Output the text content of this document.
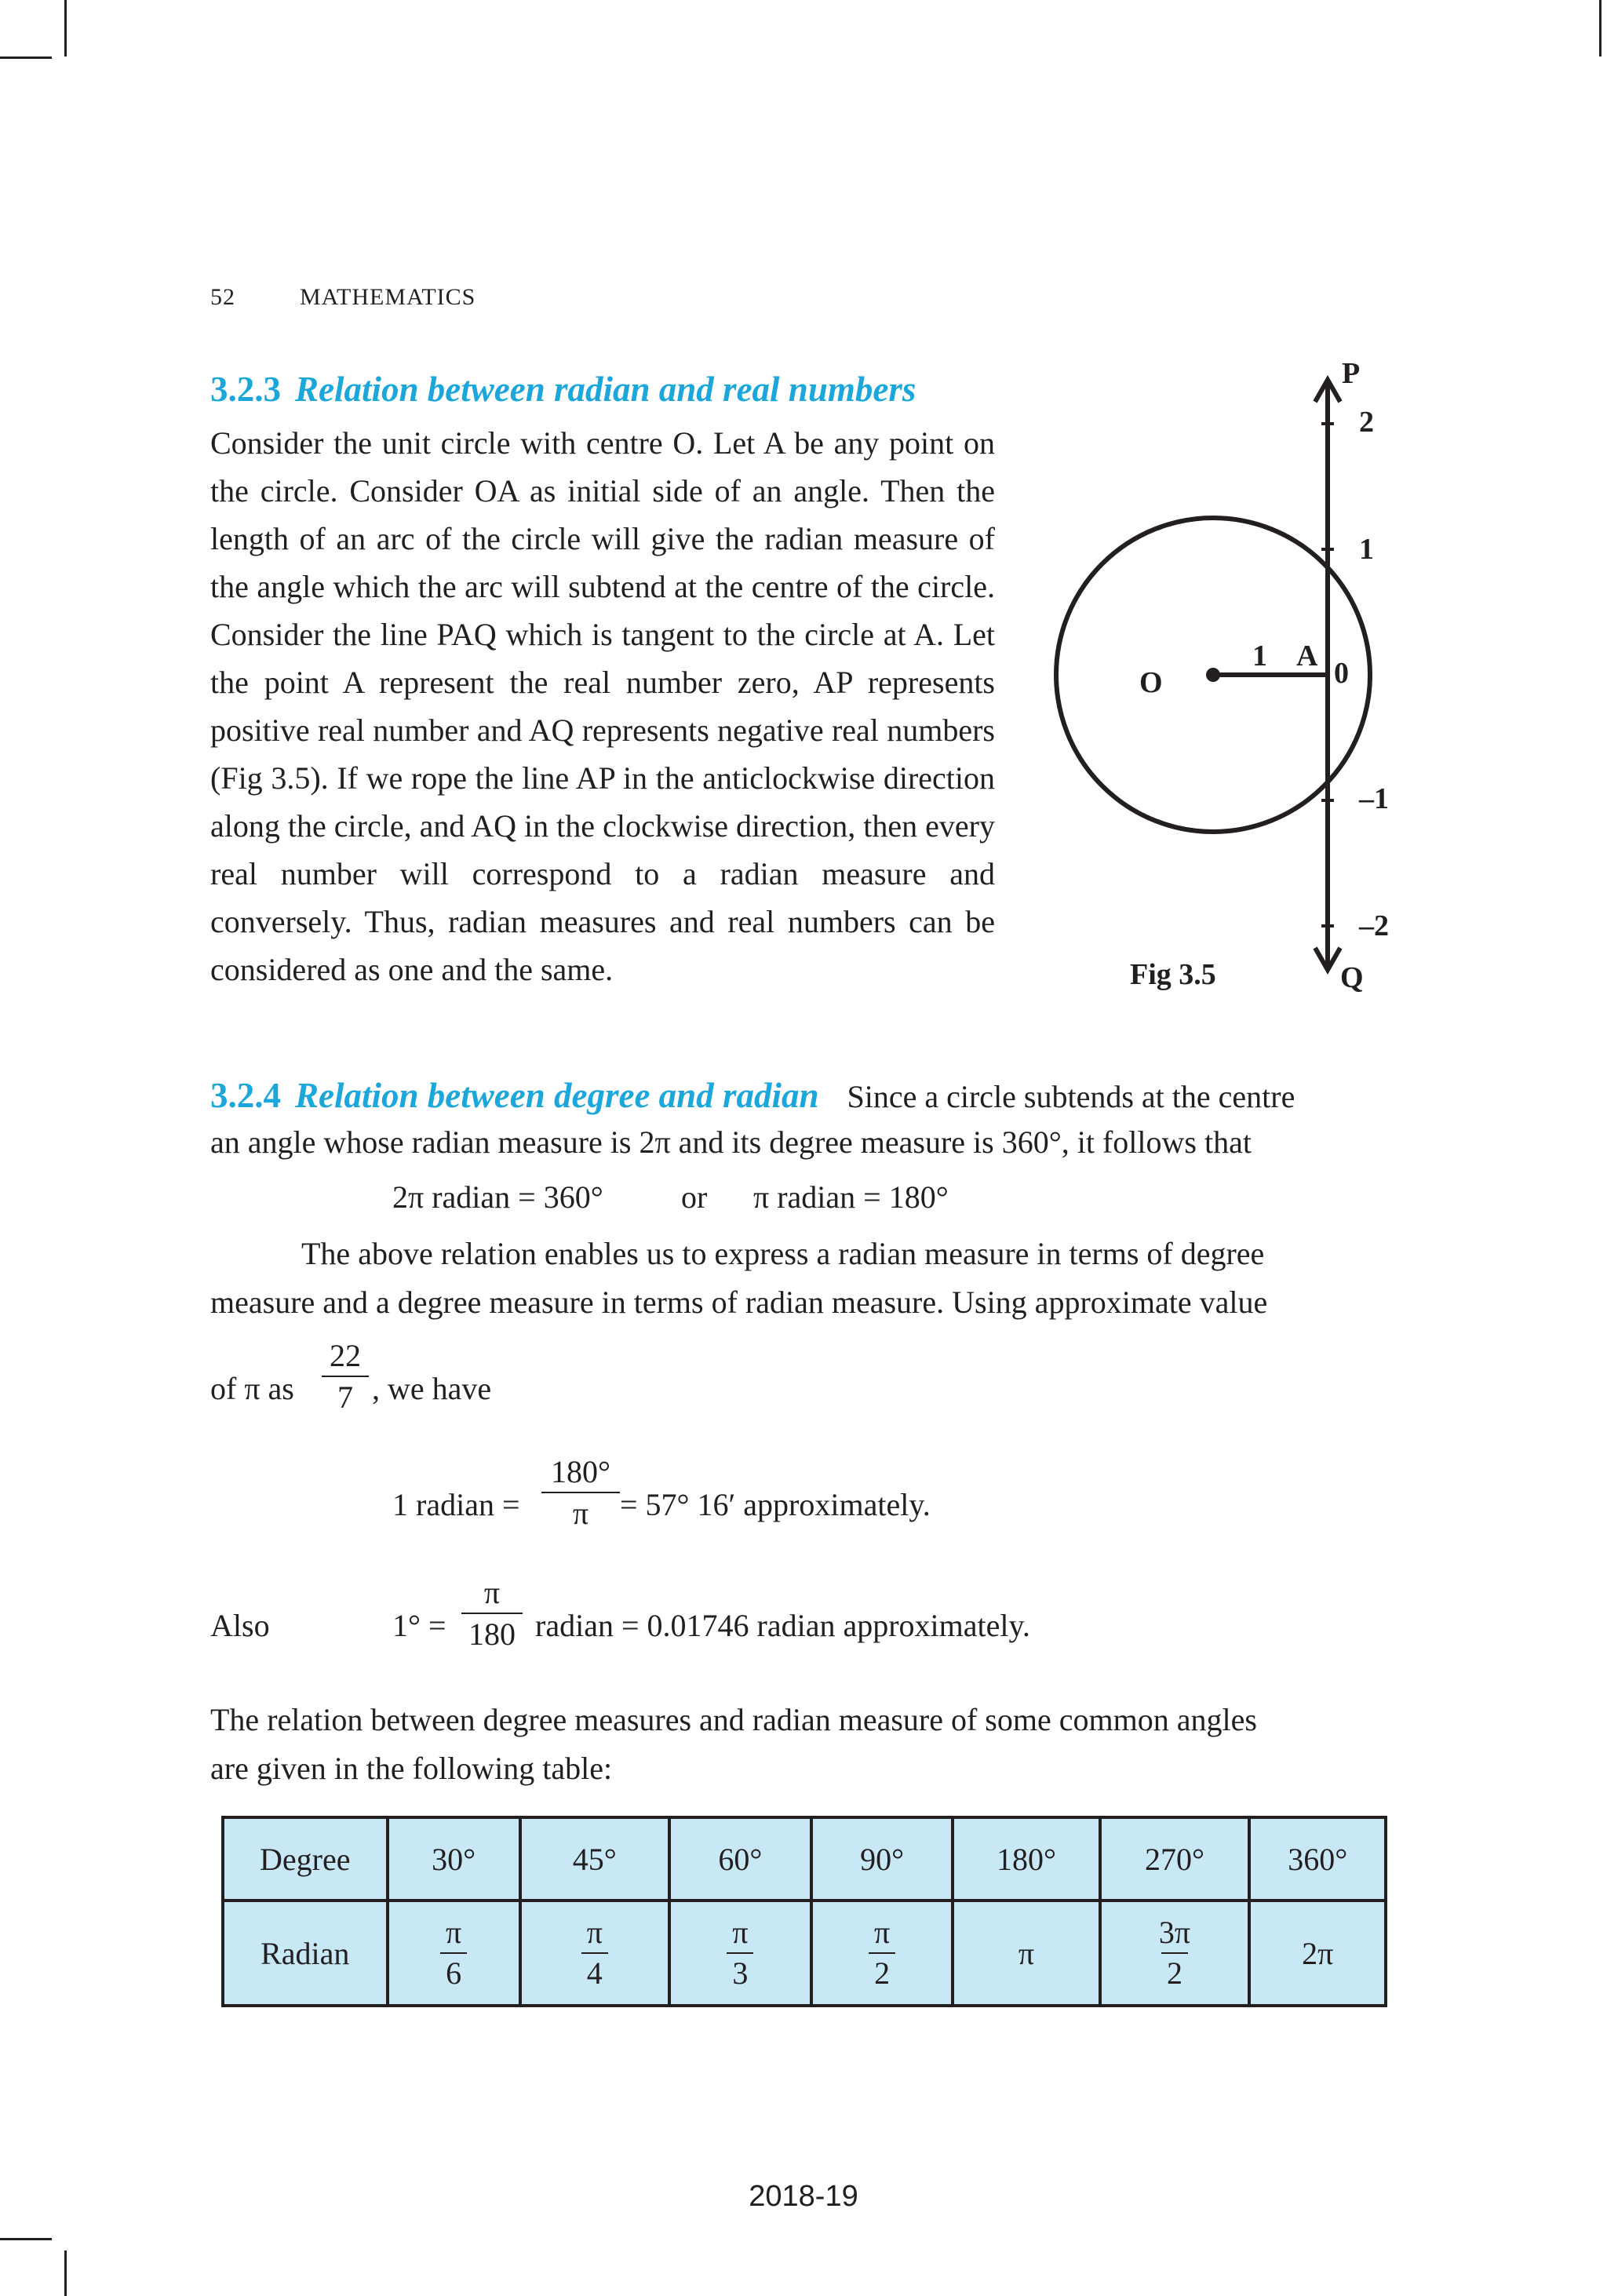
52	MATHEMATICS
3.2.3 Relation between radian and real numbers
Consider the unit circle with centre O. Let A be any point on the circle. Consider OA as initial side of an angle. Then the length of an arc of the circle will give the radian measure of the angle which the arc will subtend at the centre of the circle. Consider the line PAQ which is tangent to the circle at A. Let the point A represent the real number zero, AP represents positive real number and AQ represents negative real numbers (Fig 3.5). If we rope the line AP in the anticlockwise direction along the circle, and AQ in the clockwise direction, then every real number will correspond to a radian measure and conversely. Thus, radian measures and real numbers can be considered as one and the same.
P
2
1
1 A
0
O
–1
–2
Q
Fig 3.5
3.2.4 Relation between degree and radian Since a circle subtends at the centre
an angle whose radian measure is 2π and its degree measure is 360°, it follows that
2π radian = 360° or π radian = 180°
The above relation enables us to express a radian measure in terms of degree
measure and a degree measure in terms of radian measure. Using approximate value
of π as
22
7 , we have
1 radian =
180°
π = 57° 16′ approximately.
Also	1° =
π
180 radian = 0.01746 radian approximately.
The relation between degree measures and radian measure of some common angles
are given in the following table:
Degree	30°	45°	60°	90°	180°	270°	360°
Radian	$\frac{\pi}{6}$	$\frac{\pi}{4}$	$\frac{\pi}{3}$	$\frac{\pi}{2}$	π	$\frac{3\pi}{2}$	2π
2018-19
